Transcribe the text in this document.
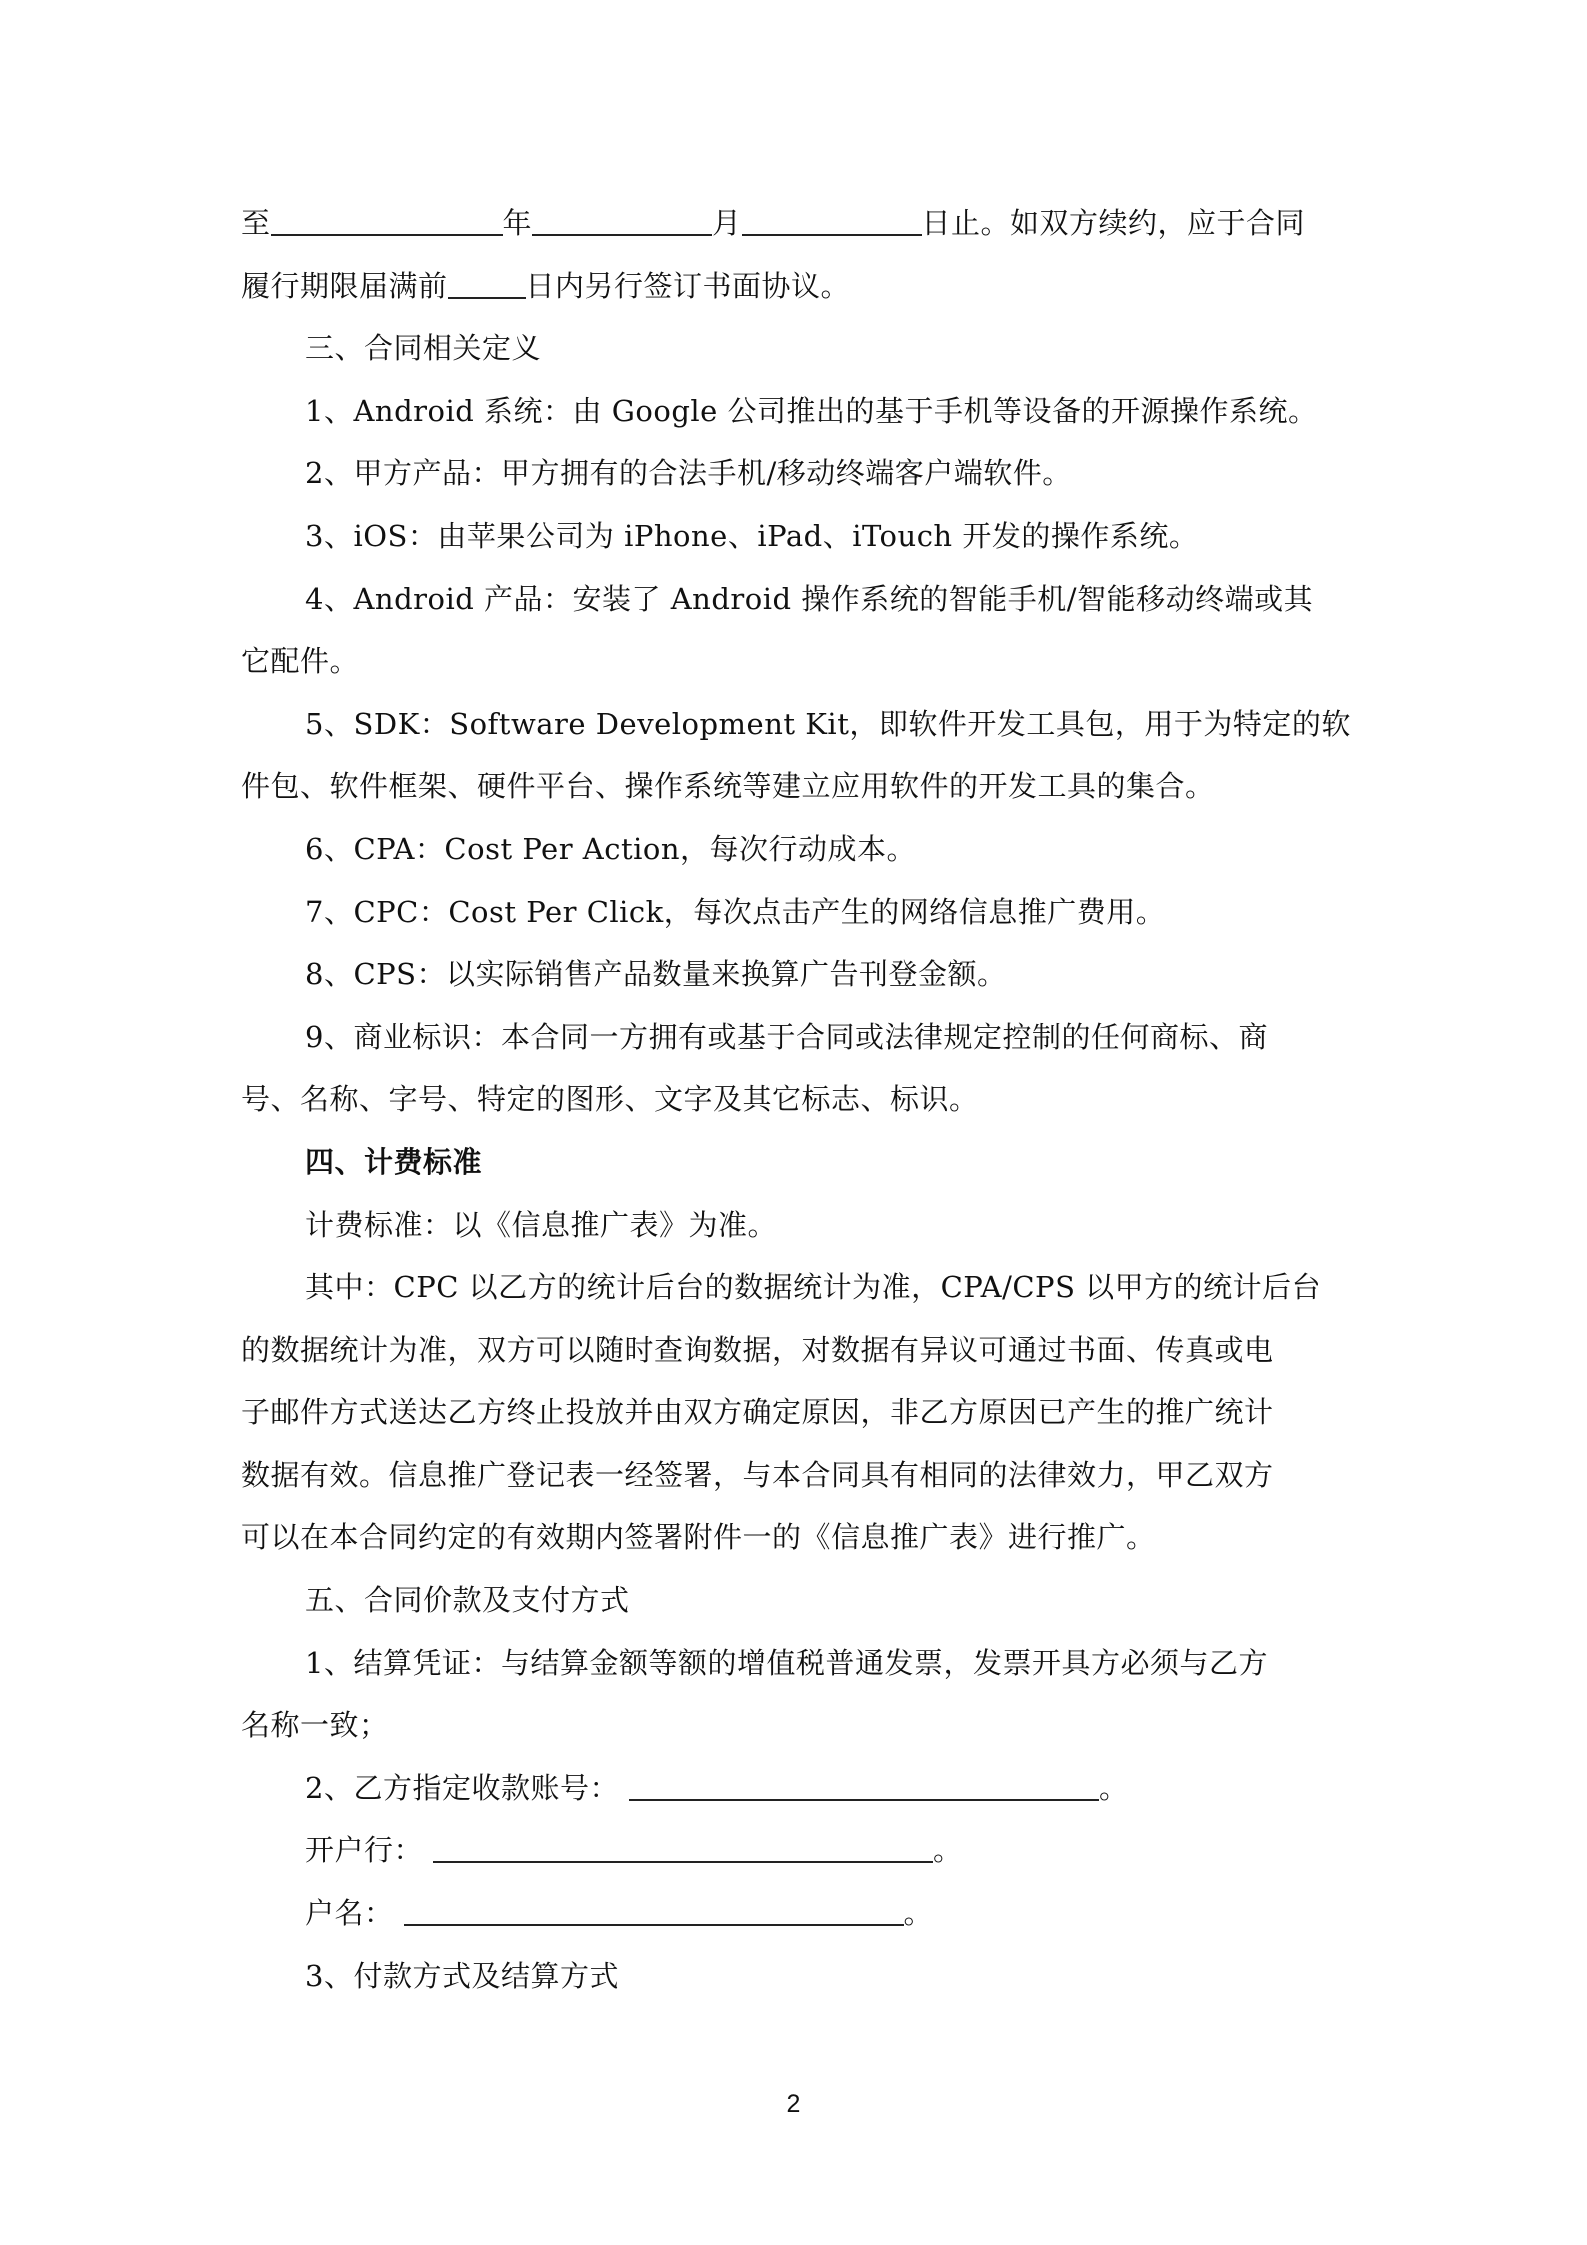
至	年	月	日止。如双方续约，应于合同
履行期限届满前	日内另行签订书面协议。
三、合同相关定义
1、Android 系统：由 Google 公司推出的基于手机等设备的开源操作系统。
2、甲方产品：甲方拥有的合法手机/移动终端客户端软件。
3、iOS：由苹果公司为 iPhone、iPad、iTouch 开发的操作系统。
4、Android 产品：安装了 Android 操作系统的智能手机/智能移动终端或其
它配件。
5、SDK：Software Development Kit，即软件开发工具包，用于为特定的软
件包、软件框架、硬件平台、操作系统等建立应用软件的开发工具的集合。
6、CPA：Cost Per Action，每次行动成本。
7、CPC：Cost Per Click，每次点击产生的网络信息推广费用。
8、CPS：以实际销售产品数量来换算广告刊登金额。
9、商业标识：本合同一方拥有或基于合同或法律规定控制的任何商标、商
号、名称、字号、特定的图形、文字及其它标志、标识。
四、计费标准
计费标准：以《信息推广表》为准。
其中：CPC 以乙方的统计后台的数据统计为准，CPA/CPS 以甲方的统计后台
的数据统计为准，双方可以随时查询数据，对数据有异议可通过书面、传真或电
子邮件方式送达乙方终止投放并由双方确定原因，非乙方原因已产生的推广统计
数据有效。信息推广登记表一经签署，与本合同具有相同的法律效力，甲乙双方
可以在本合同约定的有效期内签署附件一的《信息推广表》进行推广。
五、合同价款及支付方式
1、结算凭证：与结算金额等额的增值税普通发票，发票开具方必须与乙方
名称一致；
2、乙方指定收款账号：	。
开户行：	。
户名：	。
3、付款方式及结算方式
2
